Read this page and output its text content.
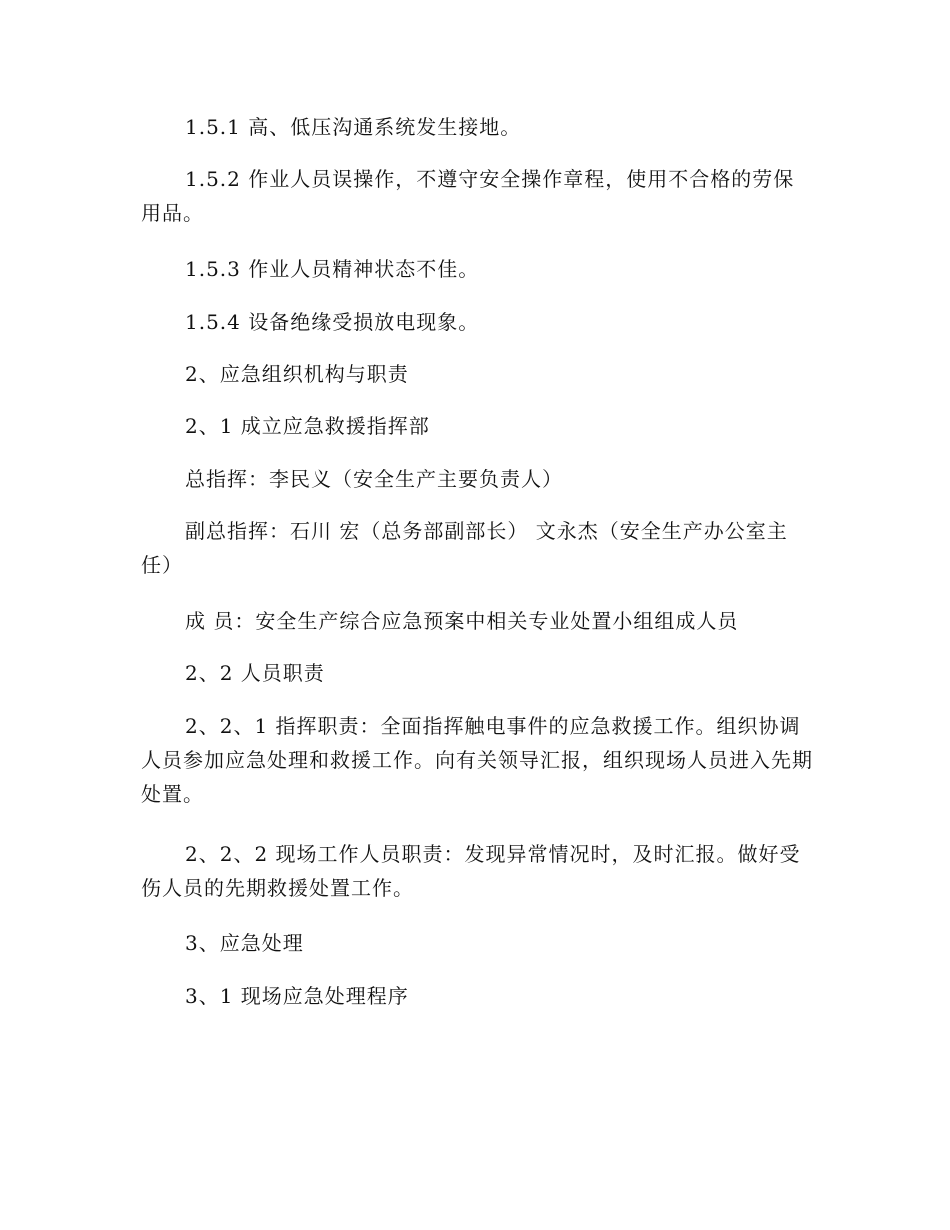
1.5.1 高、低压沟通系统发生接地。

1.5.2 作业人员误操作，不遵守安全操作章程，使用不合格的劳保用品。

1.5.3 作业人员精神状态不佳。

1.5.4 设备绝缘受损放电现象。

2、应急组织机构与职责

2、1 成立应急救援指挥部

总指挥：李民义（安全生产主要负责人）

副总指挥：石川 宏（总务部副部长） 文永杰（安全生产办公室主任）

成 员：安全生产综合应急预案中相关专业处置小组组成人员

2、2 人员职责

2、2、1 指挥职责：全面指挥触电事件的应急救援工作。组织协调人员参加应急处理和救援工作。向有关领导汇报，组织现场人员进入先期处置。

2、2、2 现场工作人员职责：发现异常情况时，及时汇报。做好受伤人员的先期救援处置工作。

3、应急处理

3、1 现场应急处理程序
